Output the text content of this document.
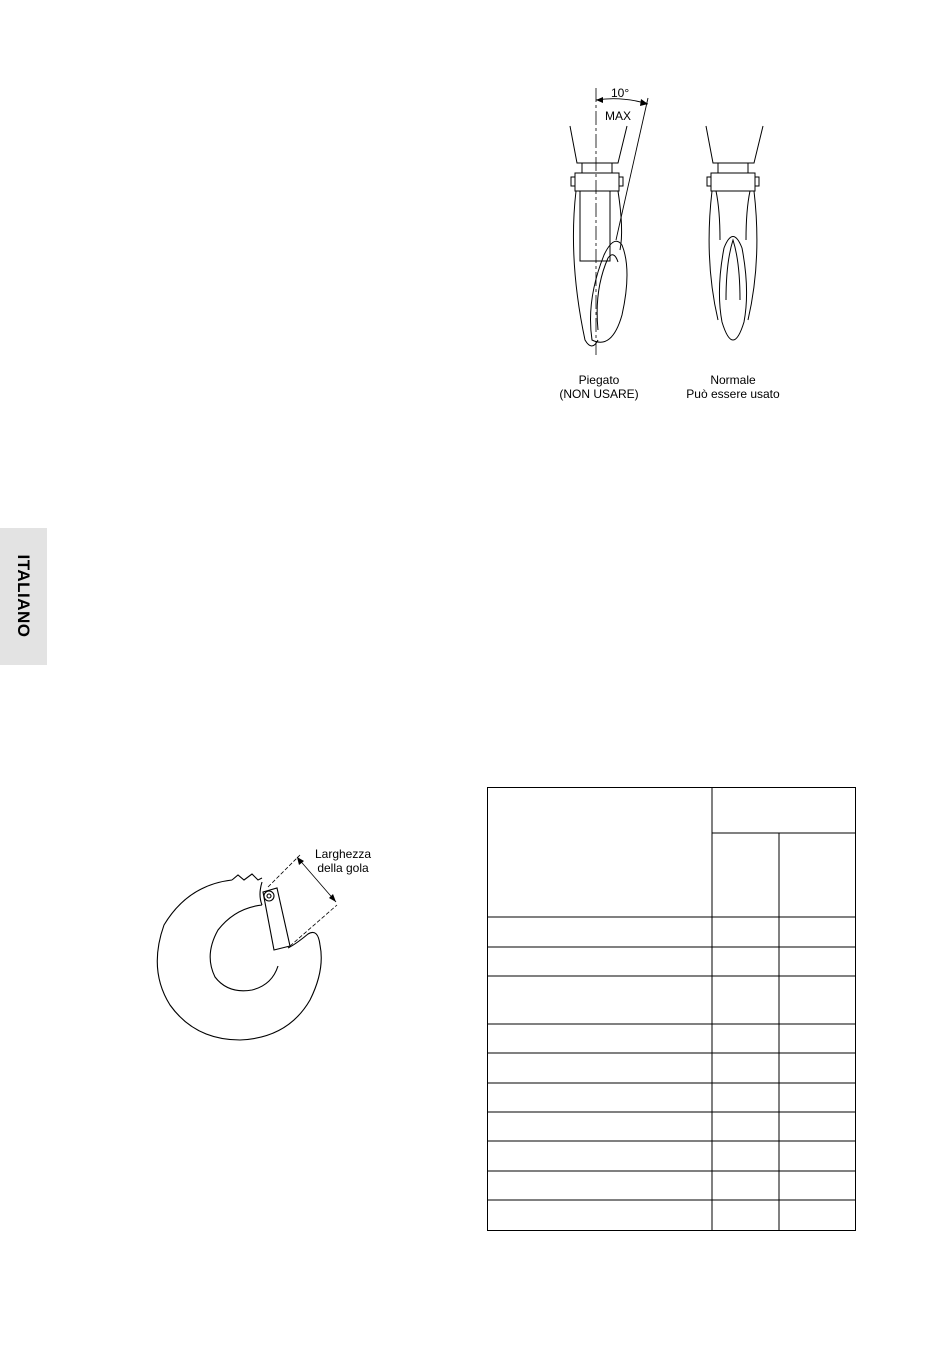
ITALIANO
10°
MAX
Piegato
(NON USARE)
Normale
Può essere usato
Larghezza
della gola
